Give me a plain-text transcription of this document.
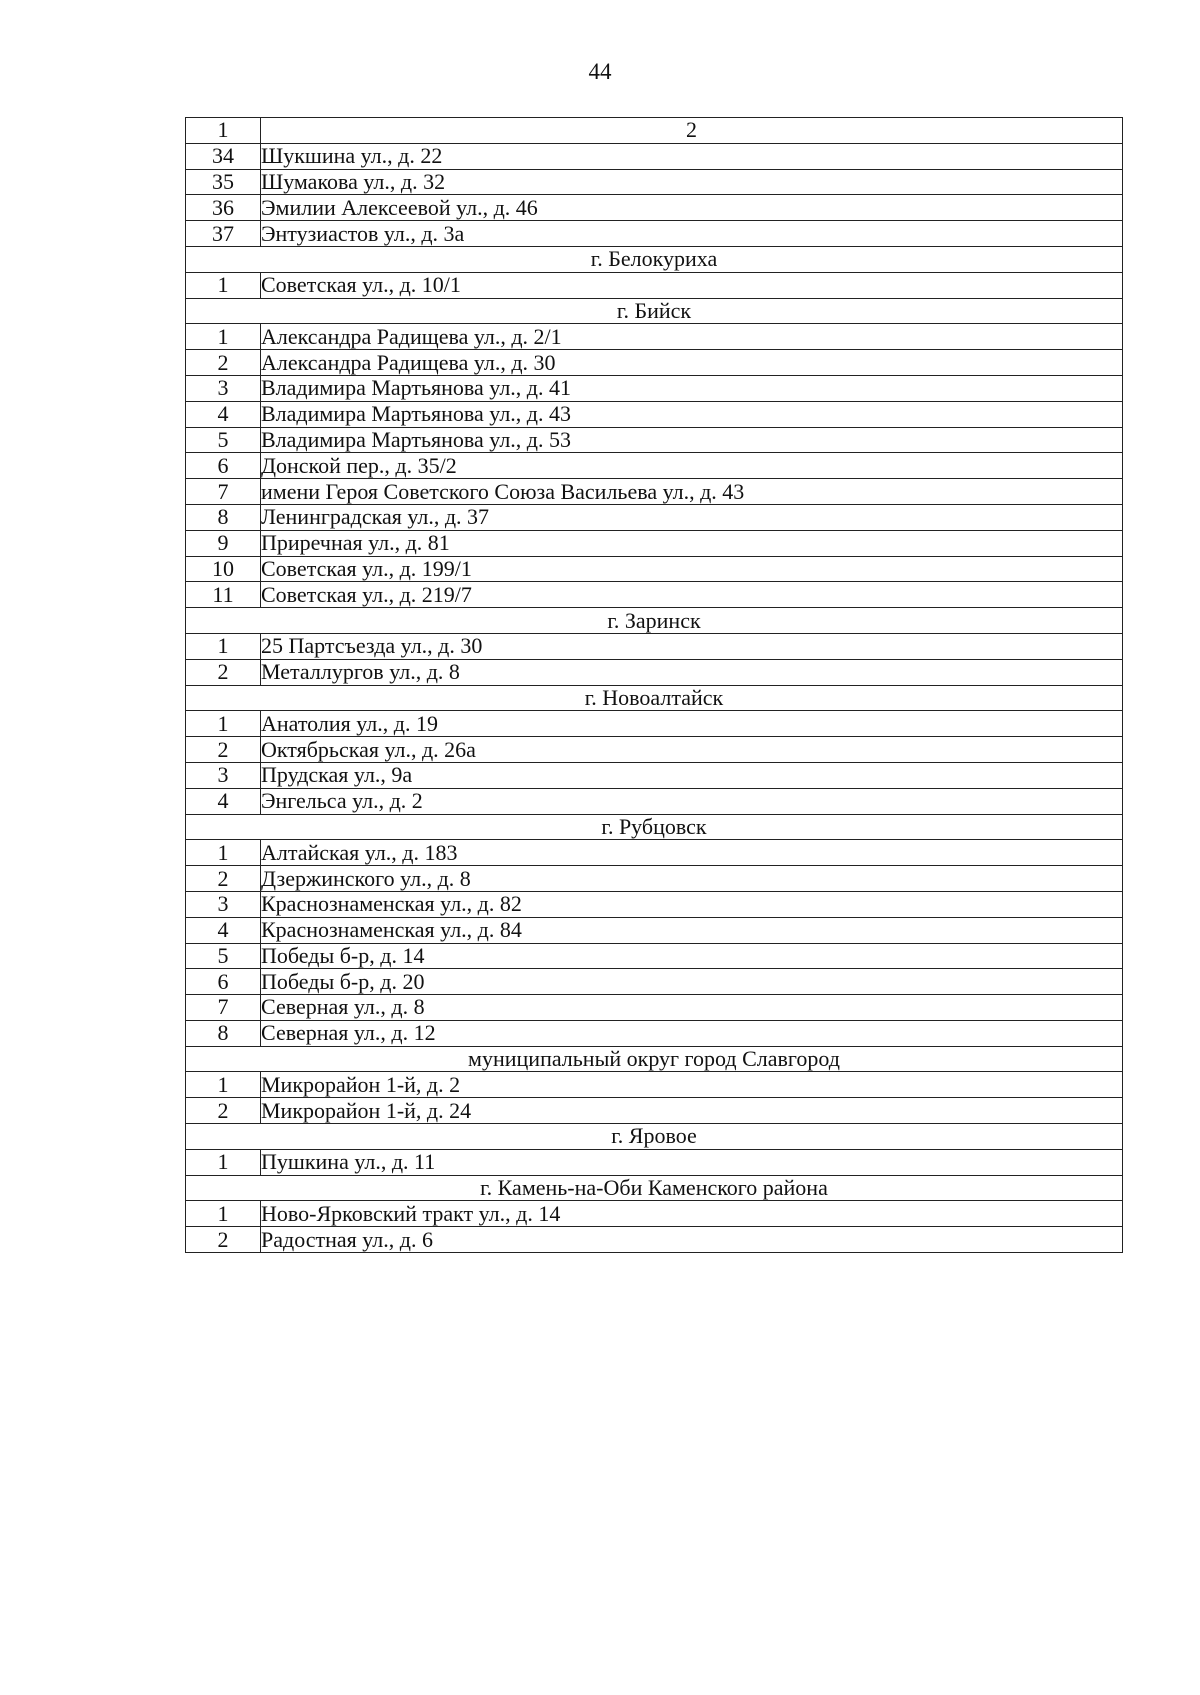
44
1	2
34	Шукшина ул., д. 22
35	Шумакова ул., д. 32
36	Эмилии Алексеевой ул., д. 46
37	Энтузиастов ул., д. 3а
г. Белокуриха	
1	Советская ул., д. 10/1
г. Бийск	
1	Александра Радищева ул., д. 2/1
2	Александра Радищева ул., д. 30
3	Владимира Мартьянова ул., д. 41
4	Владимира Мартьянова ул., д. 43
5	Владимира Мартьянова ул., д. 53
6	Донской пер., д. 35/2
7	имени Героя Советского Союза Васильева ул., д. 43
8	Ленинградская ул., д. 37
9	Приречная ул., д. 81
10	Советская ул., д. 199/1
11	Советская ул., д. 219/7
г. Заринск	
1	25 Партсъезда ул., д. 30
2	Металлургов ул., д. 8
г. Новоалтайск	
1	Анатолия ул., д. 19
2	Октябрьская ул., д. 26а
3	Прудская ул., 9а
4	Энгельса ул., д. 2
г. Рубцовск	
1	Алтайская ул., д. 183
2	Дзержинского ул., д. 8
3	Краснознаменская ул., д. 82
4	Краснознаменская ул., д. 84
5	Победы б-р, д. 14
6	Победы б-р, д. 20
7	Северная ул., д. 8
8	Северная ул., д. 12
муниципальный округ город Славгород	
1	Микрорайон 1-й, д. 2
2	Микрорайон 1-й, д. 24
г. Яровое	
1	Пушкина ул., д. 11
г. Камень-на-Оби Каменского района	
1	Ново-Ярковский тракт ул., д. 14
2	Радостная ул., д. 6
